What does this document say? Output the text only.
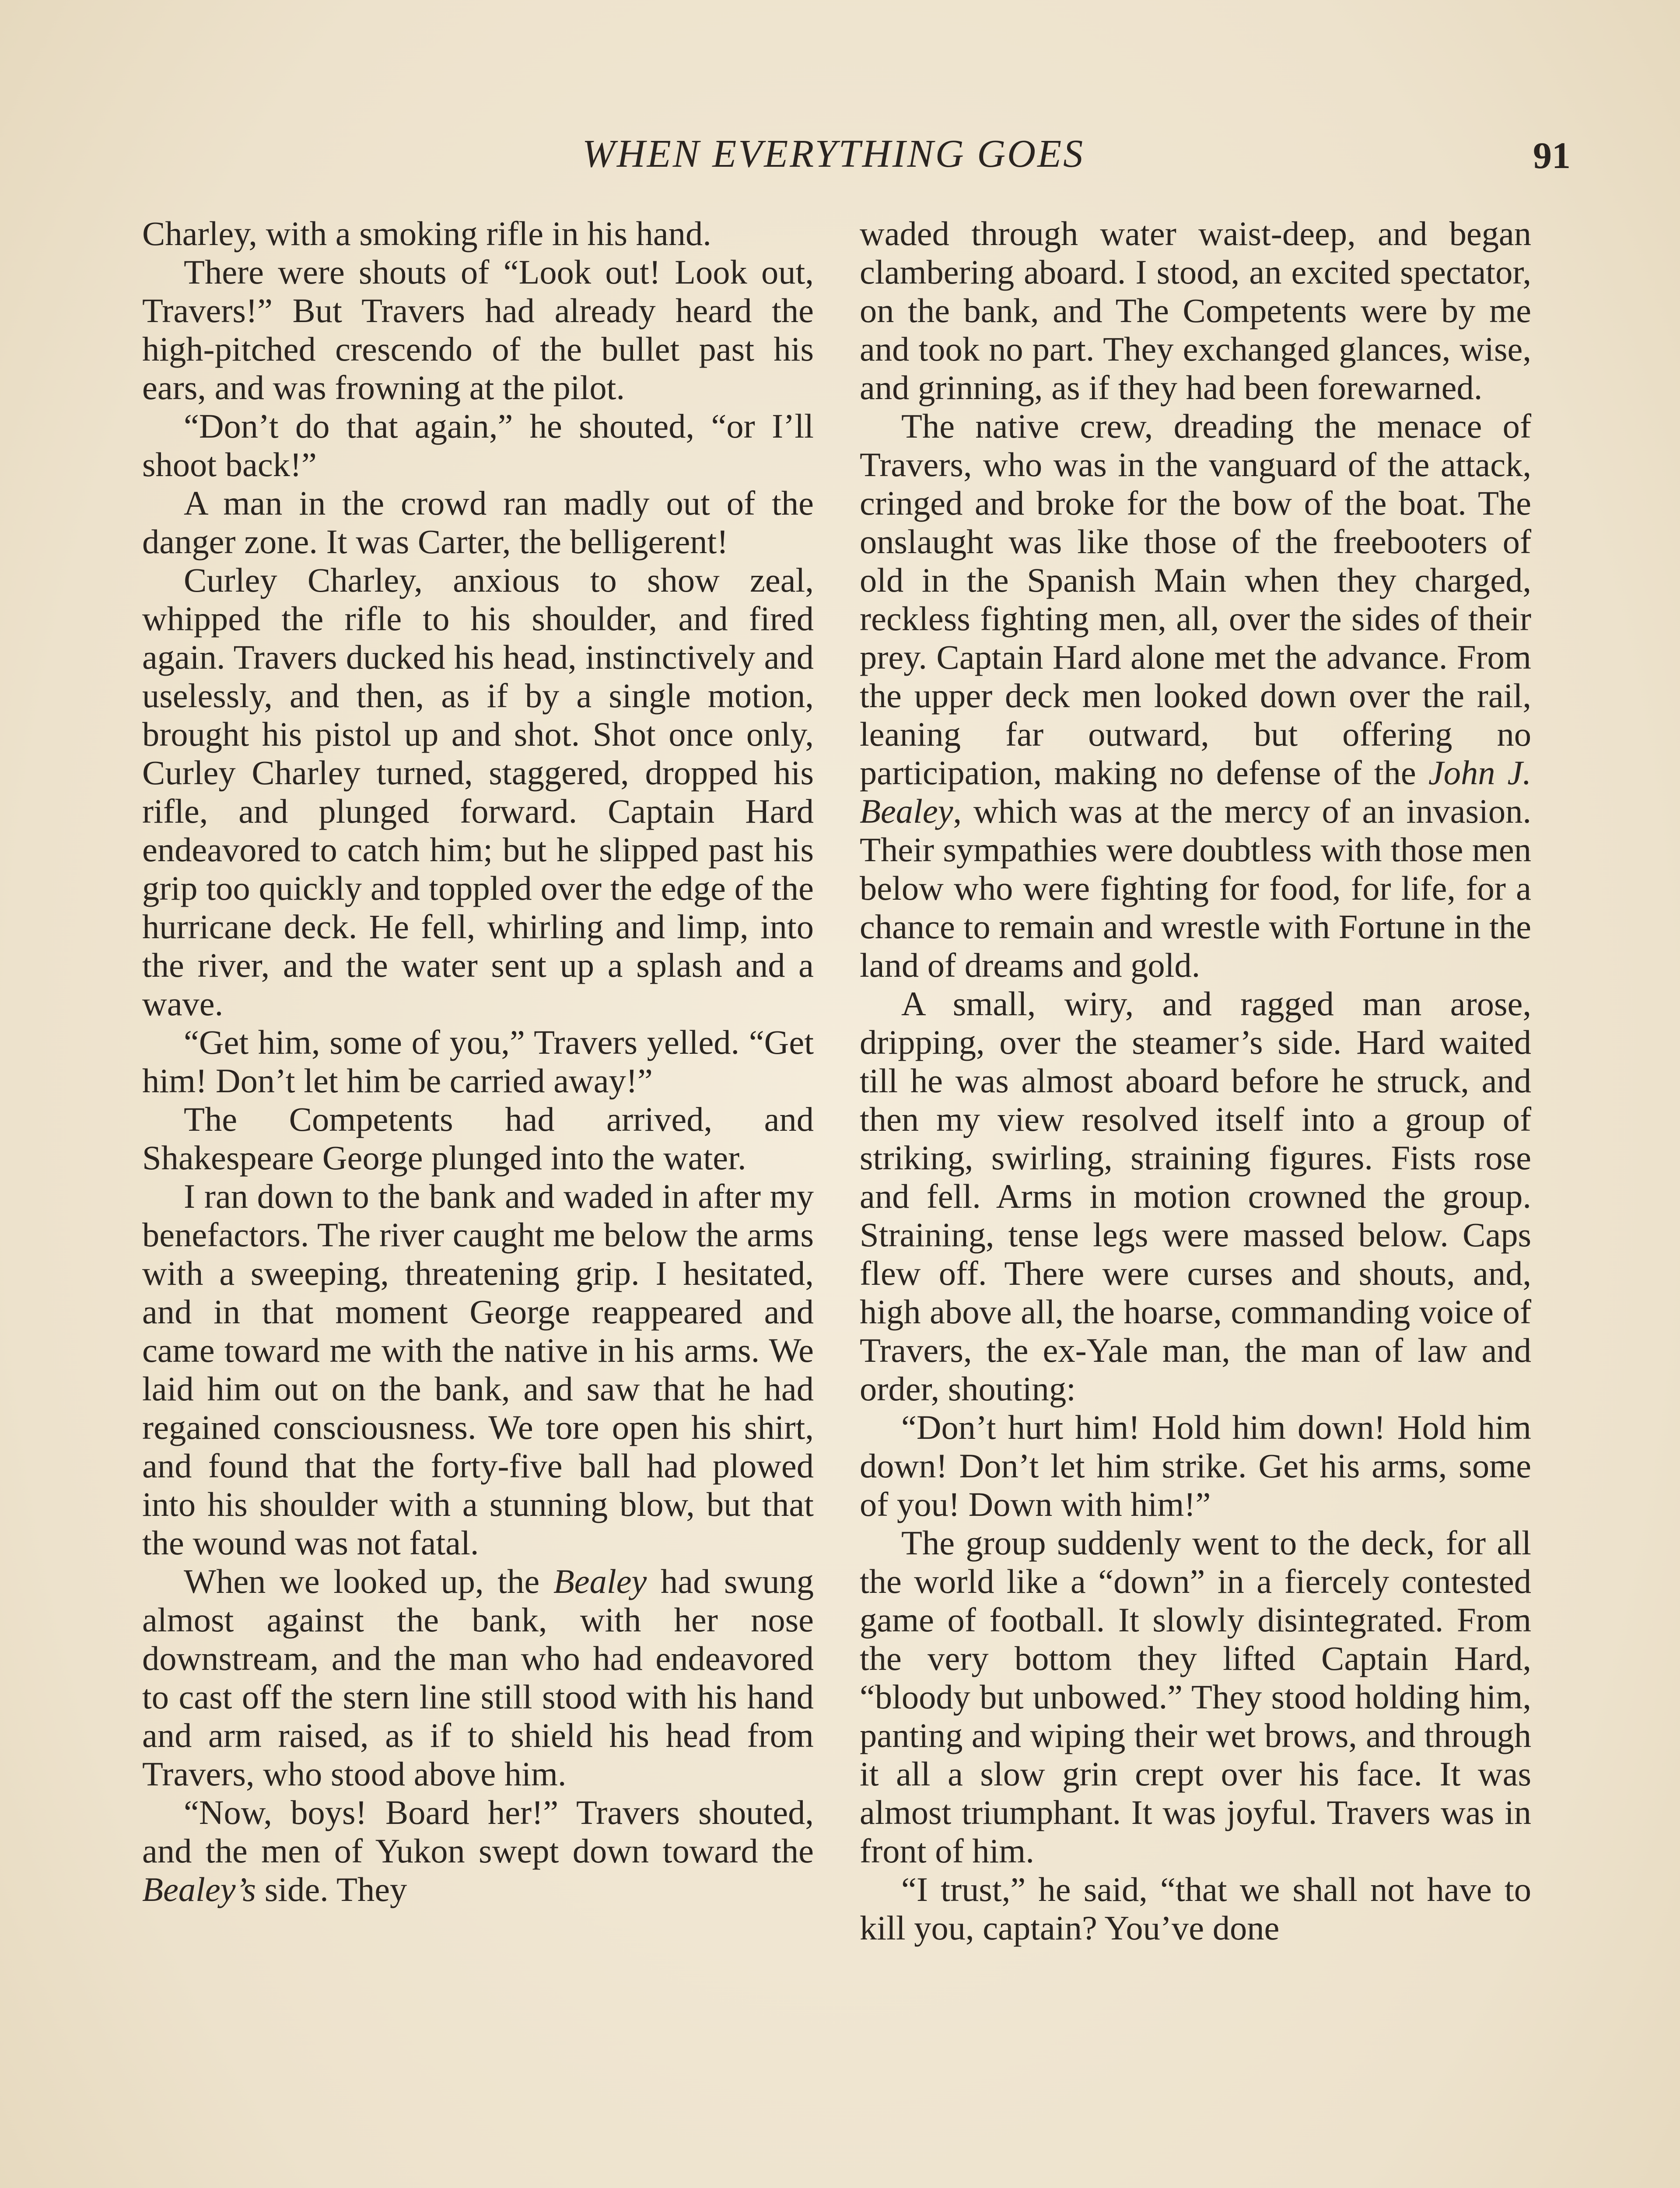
WHEN EVERYTHING GOES	91

Charley, with a smoking rifle in his hand.

There were shouts of “Look out! Look out, Travers!” But Travers had already heard the high-pitched crescendo of the bullet past his ears, and was frowning at the pilot.

“Don’t do that again,” he shouted, “or I’ll shoot back!”

A man in the crowd ran madly out of the danger zone. It was Carter, the belligerent!

Curley Charley, anxious to show zeal, whipped the rifle to his shoulder, and fired again. Travers ducked his head, instinctively and uselessly, and then, as if by a single motion, brought his pistol up and shot. Shot once only, Curley Charley turned, staggered, dropped his rifle, and plunged forward. Captain Hard endeavored to catch him; but he slipped past his grip too quickly and toppled over the edge of the hurricane deck. He fell, whirling and limp, into the river, and the water sent up a splash and a wave.

“Get him, some of you,” Travers yelled. “Get him! Don’t let him be carried away!”

The Competents had arrived, and Shakespeare George plunged into the water.

I ran down to the bank and waded in after my benefactors. The river caught me below the arms with a sweeping, threatening grip. I hesitated, and in that moment George reappeared and came toward me with the native in his arms. We laid him out on the bank, and saw that he had regained consciousness. We tore open his shirt, and found that the forty-five ball had plowed into his shoulder with a stunning blow, but that the wound was not fatal.

When we looked up, the Bealey had swung almost against the bank, with her nose downstream, and the man who had endeavored to cast off the stern line still stood with his hand and arm raised, as if to shield his head from Travers, who stood above him.

“Now, boys! Board her!” Travers shouted, and the men of Yukon swept down toward the Bealey’s side. They

waded through water waist-deep, and began clambering aboard. I stood, an excited spectator, on the bank, and The Competents were by me and took no part. They exchanged glances, wise, and grinning, as if they had been forewarned.

The native crew, dreading the menace of Travers, who was in the vanguard of the attack, cringed and broke for the bow of the boat. The onslaught was like those of the freebooters of old in the Spanish Main when they charged, reckless fighting men, all, over the sides of their prey. Captain Hard alone met the advance. From the upper deck men looked down over the rail, leaning far outward, but offering no participation, making no defense of the John J. Bealey, which was at the mercy of an invasion. Their sympathies were doubtless with those men below who were fighting for food, for life, for a chance to remain and wrestle with Fortune in the land of dreams and gold.

A small, wiry, and ragged man arose, dripping, over the steamer’s side. Hard waited till he was almost aboard before he struck, and then my view resolved itself into a group of striking, swirling, straining figures. Fists rose and fell. Arms in motion crowned the group. Straining, tense legs were massed below. Caps flew off. There were curses and shouts, and, high above all, the hoarse, commanding voice of Travers, the ex-Yale man, the man of law and order, shouting:

“Don’t hurt him! Hold him down! Hold him down! Don’t let him strike. Get his arms, some of you! Down with him!”

The group suddenly went to the deck, for all the world like a “down” in a fiercely contested game of football. It slowly disintegrated. From the very bottom they lifted Captain Hard, “bloody but unbowed.” They stood holding him, panting and wiping their wet brows, and through it all a slow grin crept over his face. It was almost triumphant. It was joyful. Travers was in front of him.

“I trust,” he said, “that we shall not have to kill you, captain? You’ve done
